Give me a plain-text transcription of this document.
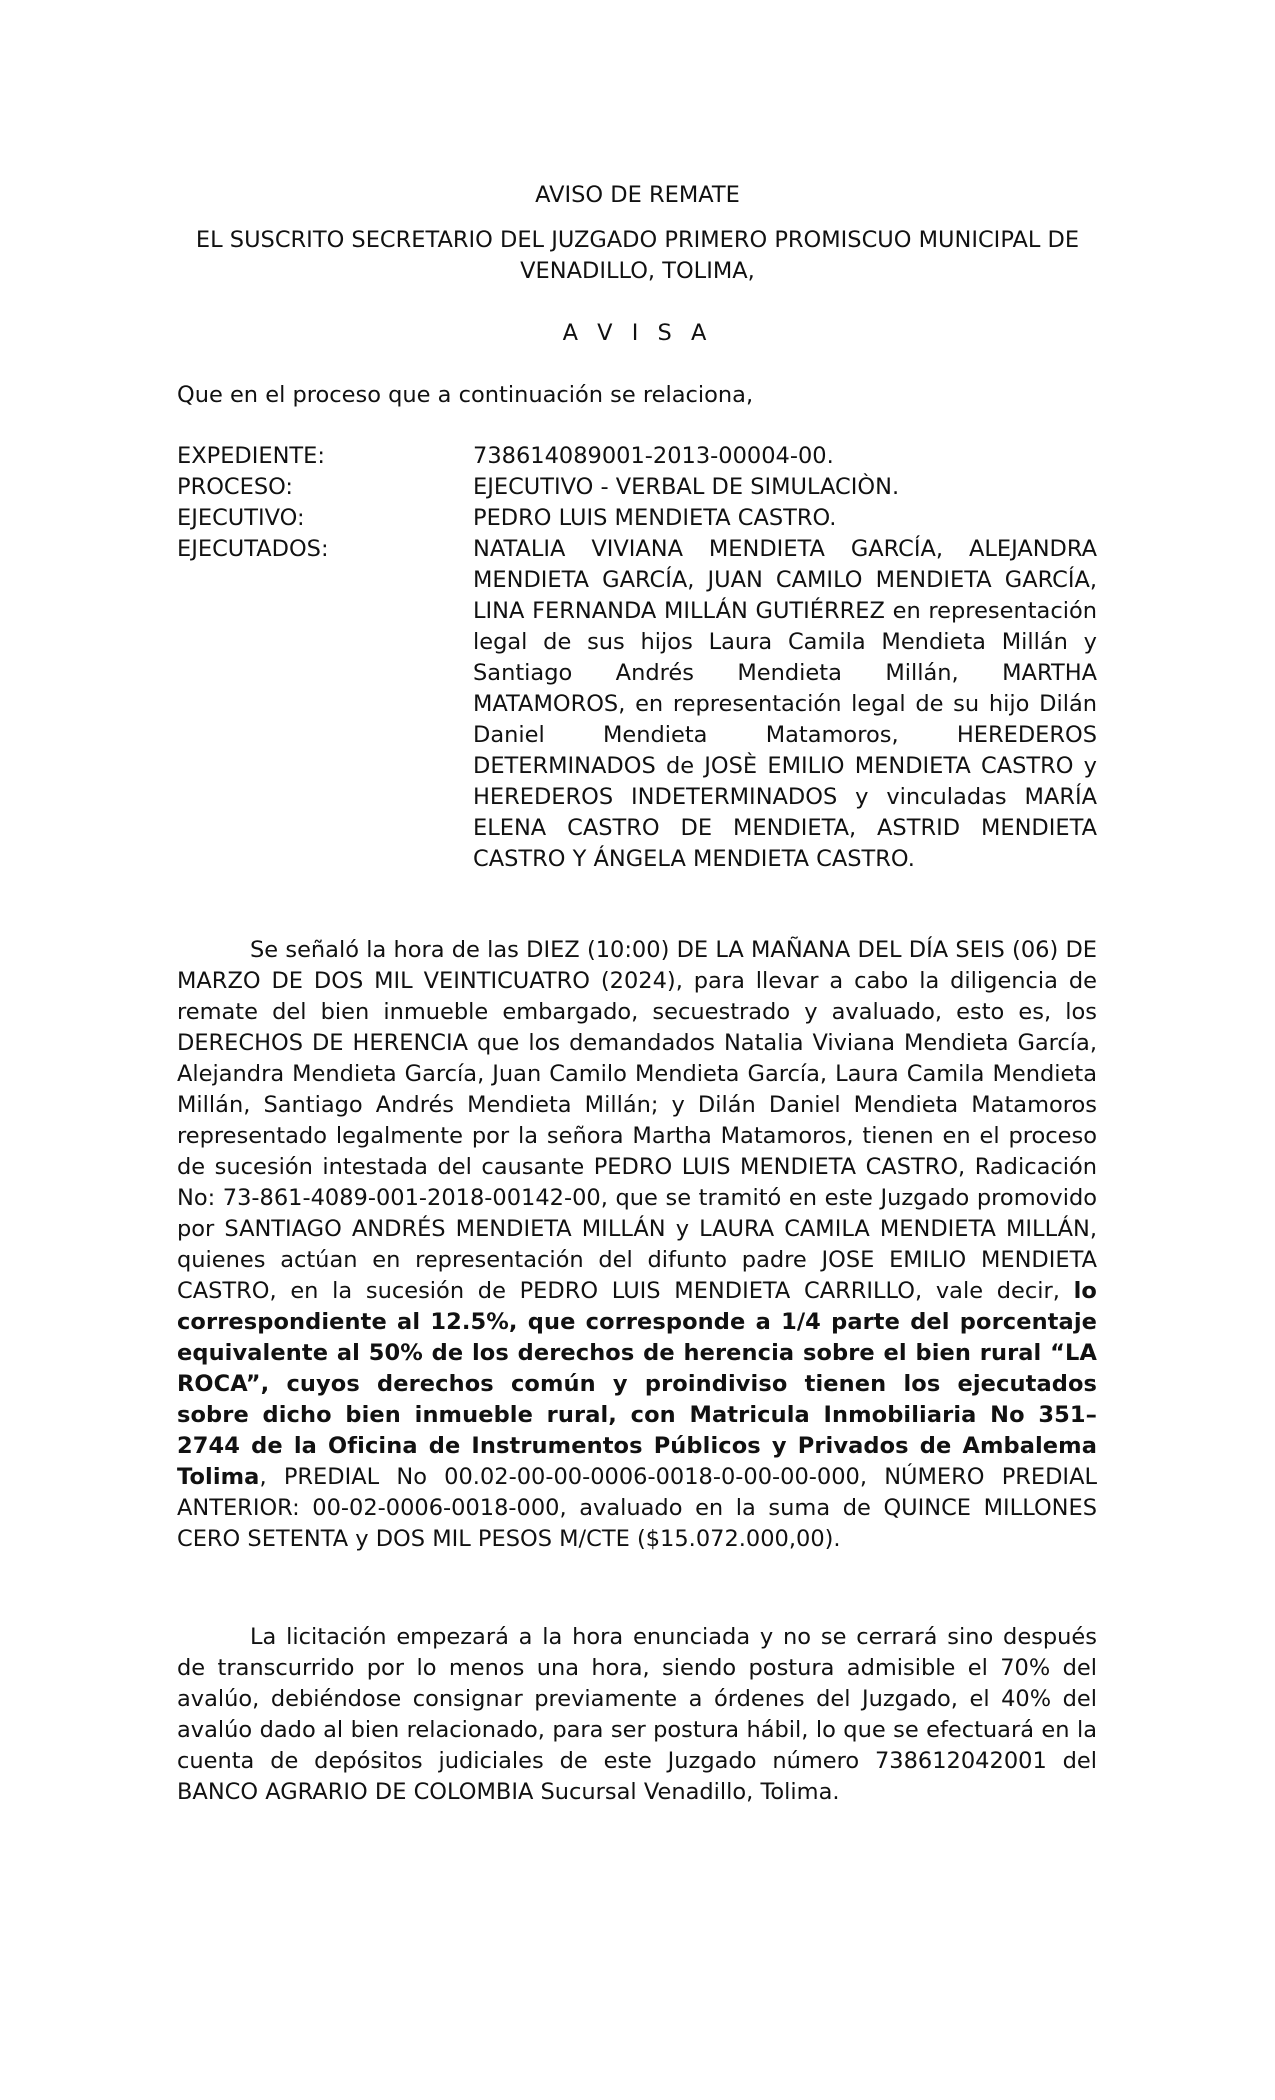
AVISO DE REMATE
EL SUSCRITO SECRETARIO DEL JUZGADO PRIMERO PROMISCUO MUNICIPAL DE VENADILLO, TOLIMA,
A V I S A
Que en el proceso que a continuación se relaciona,
EXPEDIENTE:	738614089001-2013-00004-00.
PROCESO:	EJECUTIVO - VERBAL DE SIMULACIÒN.
EJECUTIVO:	PEDRO LUIS MENDIETA CASTRO.
EJECUTADOS:	NATALIA VIVIANA MENDIETA GARCÍA, ALEJANDRA MENDIETA GARCÍA, JUAN CAMILO MENDIETA GARCÍA, LINA FERNANDA MILLÁN GUTIÉRREZ en representación legal de sus hijos Laura Camila Mendieta Millán y Santiago Andrés Mendieta Millán, MARTHA MATAMOROS, en representación legal de su hijo Dilán Daniel Mendieta Matamoros, HEREDEROS DETERMINADOS de JOSÈ EMILIO MENDIETA CASTRO y HEREDEROS INDETERMINADOS y vinculadas MARÍA ELENA CASTRO DE MENDIETA, ASTRID MENDIETA CASTRO Y ÁNGELA MENDIETA CASTRO.

Se señaló la hora de las DIEZ (10:00) DE LA MAÑANA DEL DÍA SEIS (06) DE MARZO DE DOS MIL VEINTICUATRO (2024), para llevar a cabo la diligencia de remate del bien inmueble embargado, secuestrado y avaluado, esto es, los DERECHOS DE HERENCIA que los demandados Natalia Viviana Mendieta García, Alejandra Mendieta García, Juan Camilo Mendieta García, Laura Camila Mendieta Millán, Santiago Andrés Mendieta Millán; y Dilán Daniel Mendieta Matamoros representado legalmente por la señora Martha Matamoros, tienen en el proceso de sucesión intestada del causante PEDRO LUIS MENDIETA CASTRO, Radicación No: 73-861-4089-001-2018-00142-00, que se tramitó en este Juzgado promovido por SANTIAGO ANDRÉS MENDIETA MILLÁN y LAURA CAMILA MENDIETA MILLÁN, quienes actúan en representación del difunto padre JOSE EMILIO MENDIETA CASTRO, en la sucesión de PEDRO LUIS MENDIETA CARRILLO, vale decir, lo correspondiente al 12.5%, que corresponde a 1/4 parte del porcentaje equivalente al 50% de los derechos de herencia sobre el bien rural “LA ROCA”, cuyos derechos común y proindiviso tienen los ejecutados sobre dicho bien inmueble rural, con Matricula Inmobiliaria No 351–2744 de la Oficina de Instrumentos Públicos y Privados de Ambalema Tolima, PREDIAL No 00.02-00-00-0006-0018-0-00-00-000, NÚMERO PREDIAL ANTERIOR: 00-02-0006-0018-000, avaluado en la suma de QUINCE MILLONES CERO SETENTA y DOS MIL PESOS M/CTE ($15.072.000,00).

La licitación empezará a la hora enunciada y no se cerrará sino después de transcurrido por lo menos una hora, siendo postura admisible el 70% del avalúo, debiéndose consignar previamente a órdenes del Juzgado, el 40% del avalúo dado al bien relacionado, para ser postura hábil, lo que se efectuará en la cuenta de depósitos judiciales de este Juzgado número 738612042001 del BANCO AGRARIO DE COLOMBIA Sucursal Venadillo, Tolima.
